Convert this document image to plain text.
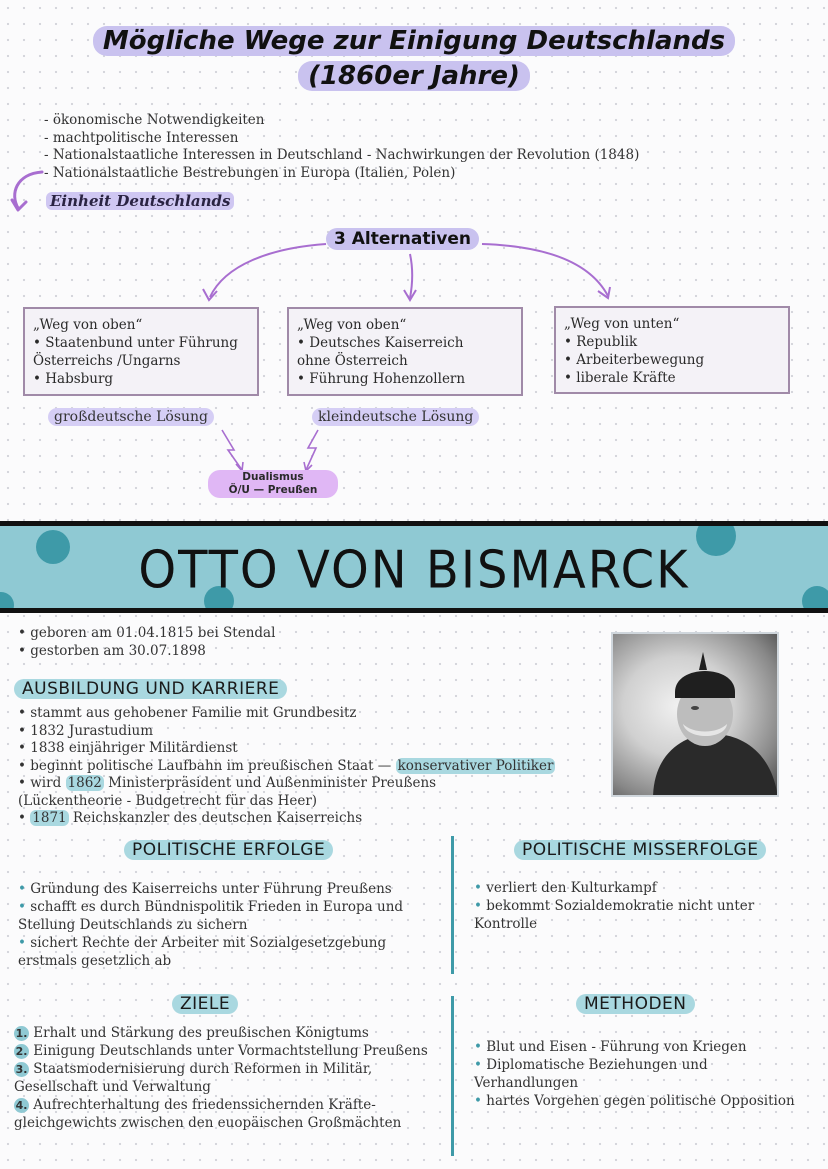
Mögliche Wege zur Einigung Deutschlands
(1860er Jahre)
- ökonomische Notwendigkeiten
- machtpolitische Interessen
- Nationalstaatliche Interessen in Deutschland - Nachwirkungen der Revolution (1848)
- Nationalstaatliche Bestrebungen in Europa (Italien, Polen)
Einheit Deutschlands
3 Alternativen
„Weg von oben“
• Staatenbund unter Führung
Österreichs /Ungarns
• Habsburg
„Weg von oben“
• Deutsches Kaiserreich
ohne Österreich
• Führung Hohenzollern
„Weg von unten“
• Republik
• Arbeiterbewegung
• liberale Kräfte
großdeutsche Lösung	kleindeutsche Lösung
Dualismus
Ö/U — Preußen
OTTO VON BISMARCK
• geboren am 01.04.1815 bei Stendal
• gestorben am 30.07.1898
AUSBILDUNG UND KARRIERE
• stammt aus gehobener Familie mit Grundbesitz
• 1832 Jurastudium
• 1838 einjähriger Militärdienst
• beginnt politische Laufbahn im preußischen Staat — konservativer Politiker
• wird 1862 Ministerpräsident und Außenminister Preußens
(Lückentheorie - Budgetrecht für das Heer)
• 1871 Reichskanzler des deutschen Kaiserreichs
POLITISCHE ERFOLGE
• Gründung des Kaiserreichs unter Führung Preußens
• schafft es durch Bündnispolitik Frieden in Europa und Stellung Deutschlands zu sichern
• sichert Rechte der Arbeiter mit Sozialgesetzgebung erstmals gesetzlich ab
POLITISCHE MISSERFOLGE
• verliert den Kulturkampf
• bekommt Sozialdemokratie nicht unter Kontrolle
ZIELE
1. Erhalt und Stärkung des preußischen Königtums
2. Einigung Deutschlands unter Vormachtstellung Preußens
3. Staatsmodernisierung durch Reformen in Militär, Gesellschaft und Verwaltung
4. Aufrechterhaltung des friedenssichernden Kräfte-gleichgewichts zwischen den euopäischen Großmächten
METHODEN
• Blut und Eisen - Führung von Kriegen
• Diplomatische Beziehungen und Verhandlungen
• hartes Vorgehen gegen politische Opposition
